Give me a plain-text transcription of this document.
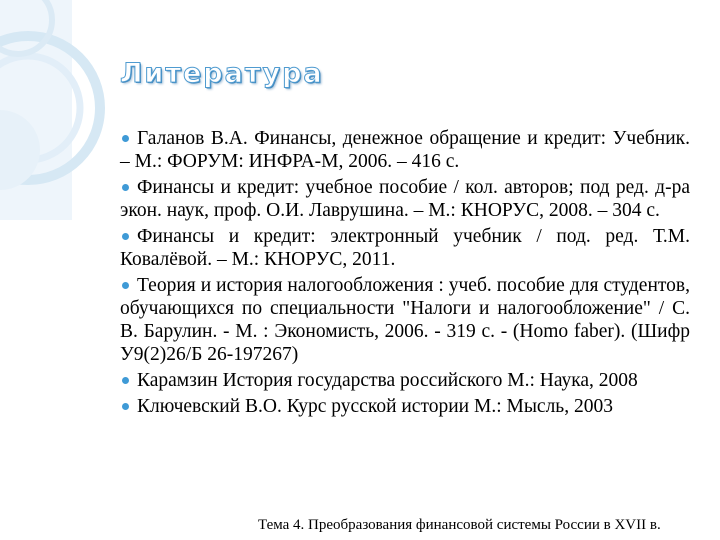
Литература
Галанов В.А. Финансы, денежное обращение и кредит: Учебник. – М.: ФОРУМ: ИНФРА-М, 2006. – 416 с.
Финансы и кредит: учебное пособие / кол. авторов; под ред. д-ра экон. наук, проф. О.И. Лаврушина. – М.: КНОРУС, 2008. – 304 с.
Финансы и кредит: электронный учебник / под. ред. Т.М. Ковалёвой. – М.: КНОРУС, 2011.
Теория и история налогообложения : учеб. пособие для студентов, обучающихся по специальности "Налоги и налогообложение" / С. В. Барулин. - М. : Экономисть, 2006. - 319 с. - (Homo faber). (Шифр У9(2)26/Б 26-197267)
Карамзин История государства российского М.: Наука, 2008
Ключевский В.О. Курс русской истории М.: Мысль, 2003
Тема 4. Преобразования финансовой системы России в XVII в.
